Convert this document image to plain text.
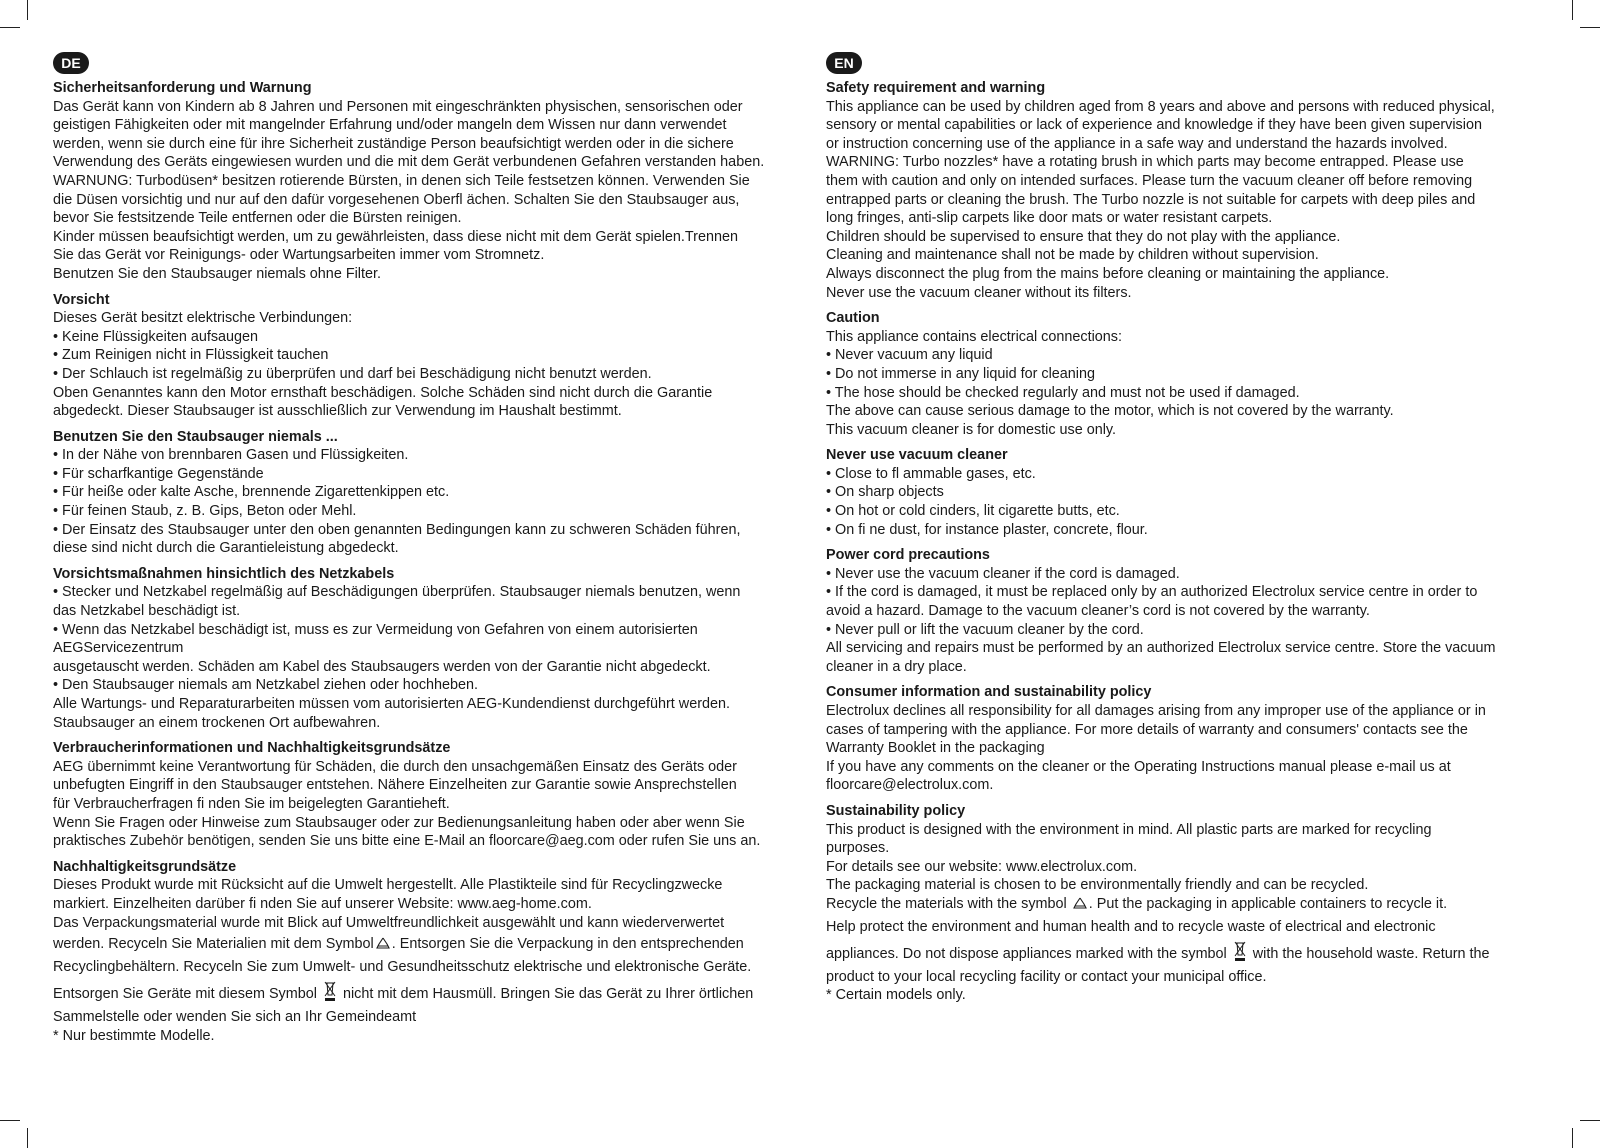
DE
Sicherheitsanforderung und Warnung

Das Gerät kann von Kindern ab 8 Jahren und Personen mit eingeschränkten physischen, sensorischen oder

geistigen Fähigkeiten oder mit mangelnder Erfahrung und/oder mangeln dem Wissen nur dann verwendet

werden, wenn sie durch eine für ihre Sicherheit zuständige Person beaufsichtigt werden oder in die sichere

Verwendung des Geräts eingewiesen wurden und die mit dem Gerät verbundenen Gefahren verstanden haben.

WARNUNG: Turbodüsen* besitzen rotierende Bürsten, in denen sich Teile festsetzen können. Verwenden Sie

die Düsen vorsichtig und nur auf den dafür vorgesehenen Oberfl ächen. Schalten Sie den Staubsauger aus,

bevor Sie festsitzende Teile entfernen oder die Bürsten reinigen.

Kinder müssen beaufsichtigt werden, um zu gewährleisten, dass diese nicht mit dem Gerät spielen.Trennen

Sie das Gerät vor Reinigungs- oder Wartungsarbeiten immer vom Stromnetz.

Benutzen Sie den Staubsauger niemals ohne Filter.

Vorsicht

Dieses Gerät besitzt elektrische Verbindungen:

• Keine Flüssigkeiten aufsaugen

• Zum Reinigen nicht in Flüssigkeit tauchen

• Der Schlauch ist regelmäßig zu überprüfen und darf bei Beschädigung nicht benutzt werden.

Oben Genanntes kann den Motor ernsthaft beschädigen. Solche Schäden sind nicht durch die Garantie

abgedeckt. Dieser Staubsauger ist ausschließlich zur Verwendung im Haushalt bestimmt.

Benutzen Sie den Staubsauger niemals ...

• In der Nähe von brennbaren Gasen und Flüssigkeiten.

• Für scharfkantige Gegenstände

• Für heiße oder kalte Asche, brennende Zigarettenkippen etc.

• Für feinen Staub, z. B. Gips, Beton oder Mehl.

• Der Einsatz des Staubsauger unter den oben genannten Bedingungen kann zu schweren Schäden führen,

diese sind nicht durch die Garantieleistung abgedeckt.

Vorsichtsmaßnahmen hinsichtlich des Netzkabels

• Stecker und Netzkabel regelmäßig auf Beschädigungen überprüfen. Staubsauger niemals benutzen, wenn

das Netzkabel beschädigt ist.

• Wenn das Netzkabel beschädigt ist, muss es zur Vermeidung von Gefahren von einem autorisierten

AEGServicezentrum

ausgetauscht werden. Schäden am Kabel des Staubsaugers werden von der Garantie nicht abgedeckt.

• Den Staubsauger niemals am Netzkabel ziehen oder hochheben.

Alle Wartungs- und Reparaturarbeiten müssen vom autorisierten AEG-Kundendienst durchgeführt werden.

Staubsauger an einem trockenen Ort aufbewahren.

Verbraucherinformationen und Nachhaltigkeitsgrundsätze

AEG übernimmt keine Verantwortung für Schäden, die durch den unsachgemäßen Einsatz des Geräts oder

unbefugten Eingriff in den Staubsauger entstehen. Nähere Einzelheiten zur Garantie sowie Ansprechstellen

für Verbraucherfragen fi nden Sie im beigelegten Garantieheft.

Wenn Sie Fragen oder Hinweise zum Staubsauger oder zur Bedienungsanleitung haben oder aber wenn Sie

praktisches Zubehör benötigen, senden Sie uns bitte eine E-Mail an floorcare@aeg.com oder rufen Sie uns an.

Nachhaltigkeitsgrundsätze

Dieses Produkt wurde mit Rücksicht auf die Umwelt hergestellt. Alle Plastikteile sind für Recyclingzwecke

markiert. Einzelheiten darüber fi nden Sie auf unserer Website: www.aeg-home.com.

Das Verpackungsmaterial wurde mit Blick auf Umweltfreundlichkeit ausgewählt und kann wiederverwertet

werden. Recyceln Sie Materialien mit dem Symbol . Entsorgen Sie die Verpackung in den entsprechenden

Recyclingbehältern. Recyceln Sie zum Umwelt- und Gesundheitsschutz elektrische und elektronische Geräte.

Entsorgen Sie Geräte mit diesem Symbol nicht mit dem Hausmüll. Bringen Sie das Gerät zu Ihrer örtlichen

Sammelstelle oder wenden Sie sich an Ihr Gemeindeamt

* Nur bestimmte Modelle.

EN
Safety requirement and warning

This appliance can be used by children aged from 8 years and above and persons with reduced physical,

sensory or mental capabilities or lack of experience and knowledge if they have been given supervision

or instruction concerning use of the appliance in a safe way and understand the hazards involved.

WARNING: Turbo nozzles* have a rotating brush in which parts may become entrapped. Please use

them with caution and only on intended surfaces. Please turn the vacuum cleaner off before removing

entrapped parts or cleaning the brush. The Turbo nozzle is not suitable for carpets with deep piles and

long fringes, anti-slip carpets like door mats or water resistant carpets.

Children should be supervised to ensure that they do not play with the appliance.

Cleaning and maintenance shall not be made by children without supervision.

Always disconnect the plug from the mains before cleaning or maintaining the appliance.

Never use the vacuum cleaner without its filters.

Caution

This appliance contains electrical connections:

• Never vacuum any liquid

• Do not immerse in any liquid for cleaning

• The hose should be checked regularly and must not be used if damaged.

The above can cause serious damage to the motor, which is not covered by the warranty.

This vacuum cleaner is for domestic use only.

Never use vacuum cleaner

• Close to fl ammable gases, etc.

• On sharp objects

• On hot or cold cinders, lit cigarette butts, etc.

• On fi ne dust, for instance plaster, concrete, flour.

Power cord precautions

• Never use the vacuum cleaner if the cord is damaged.

• If the cord is damaged, it must be replaced only by an authorized Electrolux service centre in order to

avoid a hazard. Damage to the vacuum cleaner’s cord is not covered by the warranty.

• Never pull or lift the vacuum cleaner by the cord.

All servicing and repairs must be performed by an authorized Electrolux service centre. Store the vacuum

cleaner in a dry place.

Consumer information and sustainability policy

Electrolux declines all responsibility for all damages arising from any improper use of the appliance or in

cases of tampering with the appliance. For more details of warranty and consumers' contacts see the

Warranty Booklet in the packaging

If you have any comments on the cleaner or the Operating Instructions manual please e-mail us at

floorcare@electrolux.com.

Sustainability policy

This product is designed with the environment in mind. All plastic parts are marked for recycling

purposes.

For details see our website: www.electrolux.com.

The packaging material is chosen to be environmentally friendly and can be recycled.

Recycle the materials with the symbol . Put the packaging in applicable containers to recycle it.

Help protect the environment and human health and to recycle waste of electrical and electronic

appliances. Do not dispose appliances marked with the symbol with the household waste. Return the

product to your local recycling facility or contact your municipal office.

* Certain models only.
